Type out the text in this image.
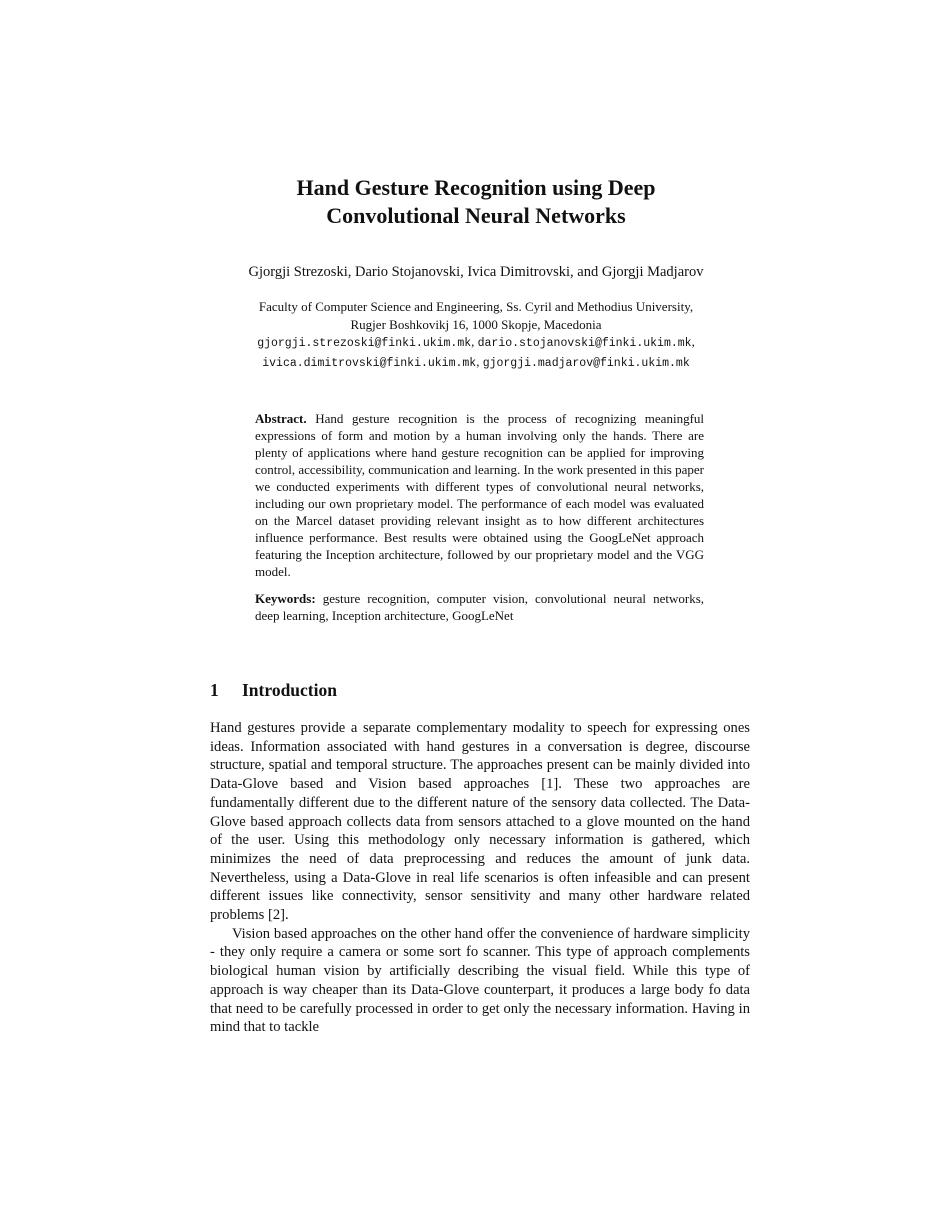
Hand Gesture Recognition using Deep
Convolutional Neural Networks
Gjorgji Strezoski, Dario Stojanovski, Ivica Dimitrovski, and Gjorgji Madjarov
Faculty of Computer Science and Engineering, Ss. Cyril and Methodius University,
Rugjer Boshkovikj 16, 1000 Skopje, Macedonia
gjorgji.strezoski@finki.ukim.mk, dario.stojanovski@finki.ukim.mk,
ivica.dimitrovski@finki.ukim.mk, gjorgji.madjarov@finki.ukim.mk

Abstract. Hand gesture recognition is the process of recognizing meaningful expressions of form and motion by a human involving only the hands. There are plenty of applications where hand gesture recognition can be applied for improving control, accessibility, communication and learning. In the work presented in this paper we conducted experiments with different types of convolutional neural networks, including our own proprietary model. The performance of each model was evaluated on the Marcel dataset providing relevant insight as to how different architectures influence performance. Best results were obtained using the GoogLeNet approach featuring the Inception architecture, followed by our proprietary model and the VGG model.

Keywords: gesture recognition, computer vision, convolutional neural networks, deep learning, Inception architecture, GoogLeNet

1 Introduction

Hand gestures provide a separate complementary modality to speech for expressing ones ideas. Information associated with hand gestures in a conversation is degree, discourse structure, spatial and temporal structure. The approaches present can be mainly divided into Data-Glove based and Vision based approaches [1]. These two approaches are fundamentally different due to the different nature of the sensory data collected. The Data-Glove based approach collects data from sensors attached to a glove mounted on the hand of the user. Using this methodology only necessary information is gathered, which minimizes the need of data preprocessing and reduces the amount of junk data. Nevertheless, using a Data-Glove in real life scenarios is often infeasible and can present different issues like connectivity, sensor sensitivity and many other hardware related problems [2].

Vision based approaches on the other hand offer the convenience of hardware simplicity - they only require a camera or some sort fo scanner. This type of approach complements biological human vision by artificially describing the visual field. While this type of approach is way cheaper than its Data-Glove counterpart, it produces a large body fo data that need to be carefully processed in order to get only the necessary information. Having in mind that to tackle
